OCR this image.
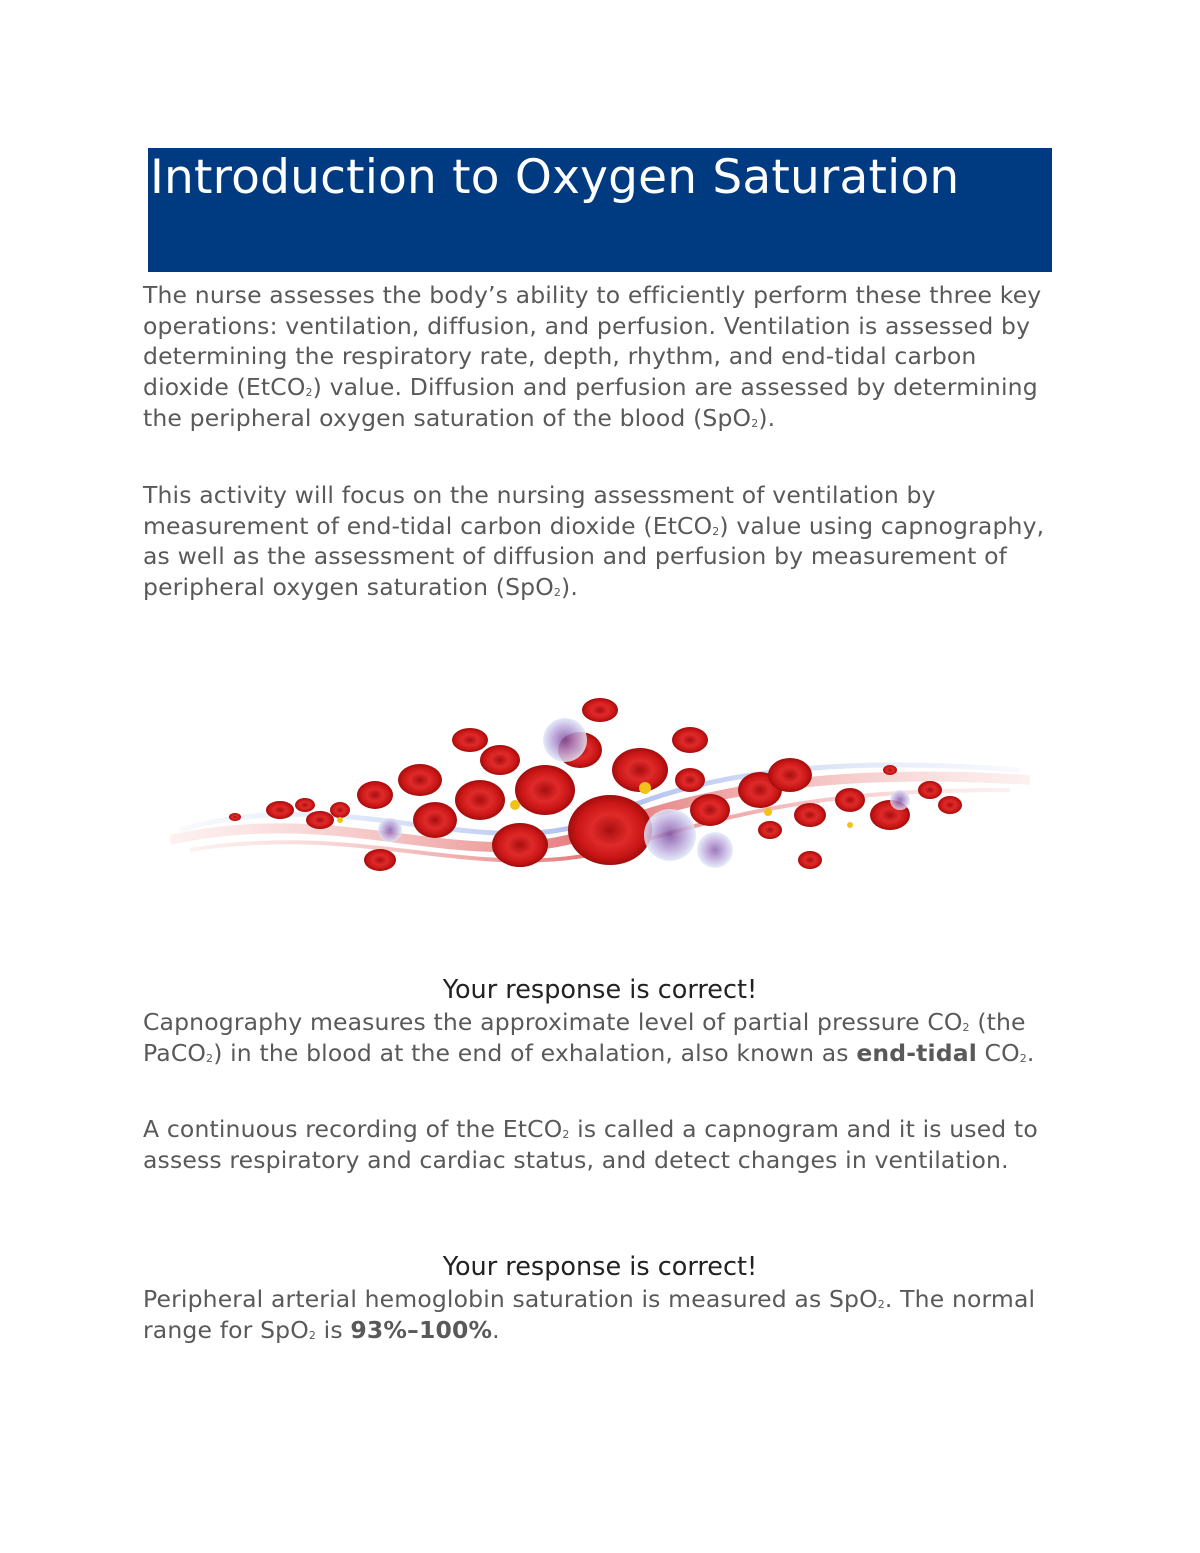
Introduction to Oxygen Saturation

The nurse assesses the body’s ability to efficiently perform these three key operations: ventilation, diffusion, and perfusion. Ventilation is assessed by determining the respiratory rate, depth, rhythm, and end-tidal carbon dioxide (EtCO$_2$) value. Diffusion and perfusion are assessed by determining the peripheral oxygen saturation of the blood (SpO$_2$).

This activity will focus on the nursing assessment of ventilation by measurement of end-tidal carbon dioxide (EtCO$_2$) value using capnography, as well as the assessment of diffusion and perfusion by measurement of peripheral oxygen saturation (SpO$_2$).

Your response is correct!

Capnography measures the approximate level of partial pressure $CO_2$ (the PaCO$_2$) in the blood at the end of exhalation, also known as end-tidal $CO_2$.

A continuous recording of the EtCO$_2$ is called a capnogram and it is used to assess respiratory and cardiac status, and detect changes in ventilation.

Your response is correct!

Peripheral arterial hemoglobin saturation is measured as SpO$_2$. The normal range for SpO$_2$ is 93%–100%.
